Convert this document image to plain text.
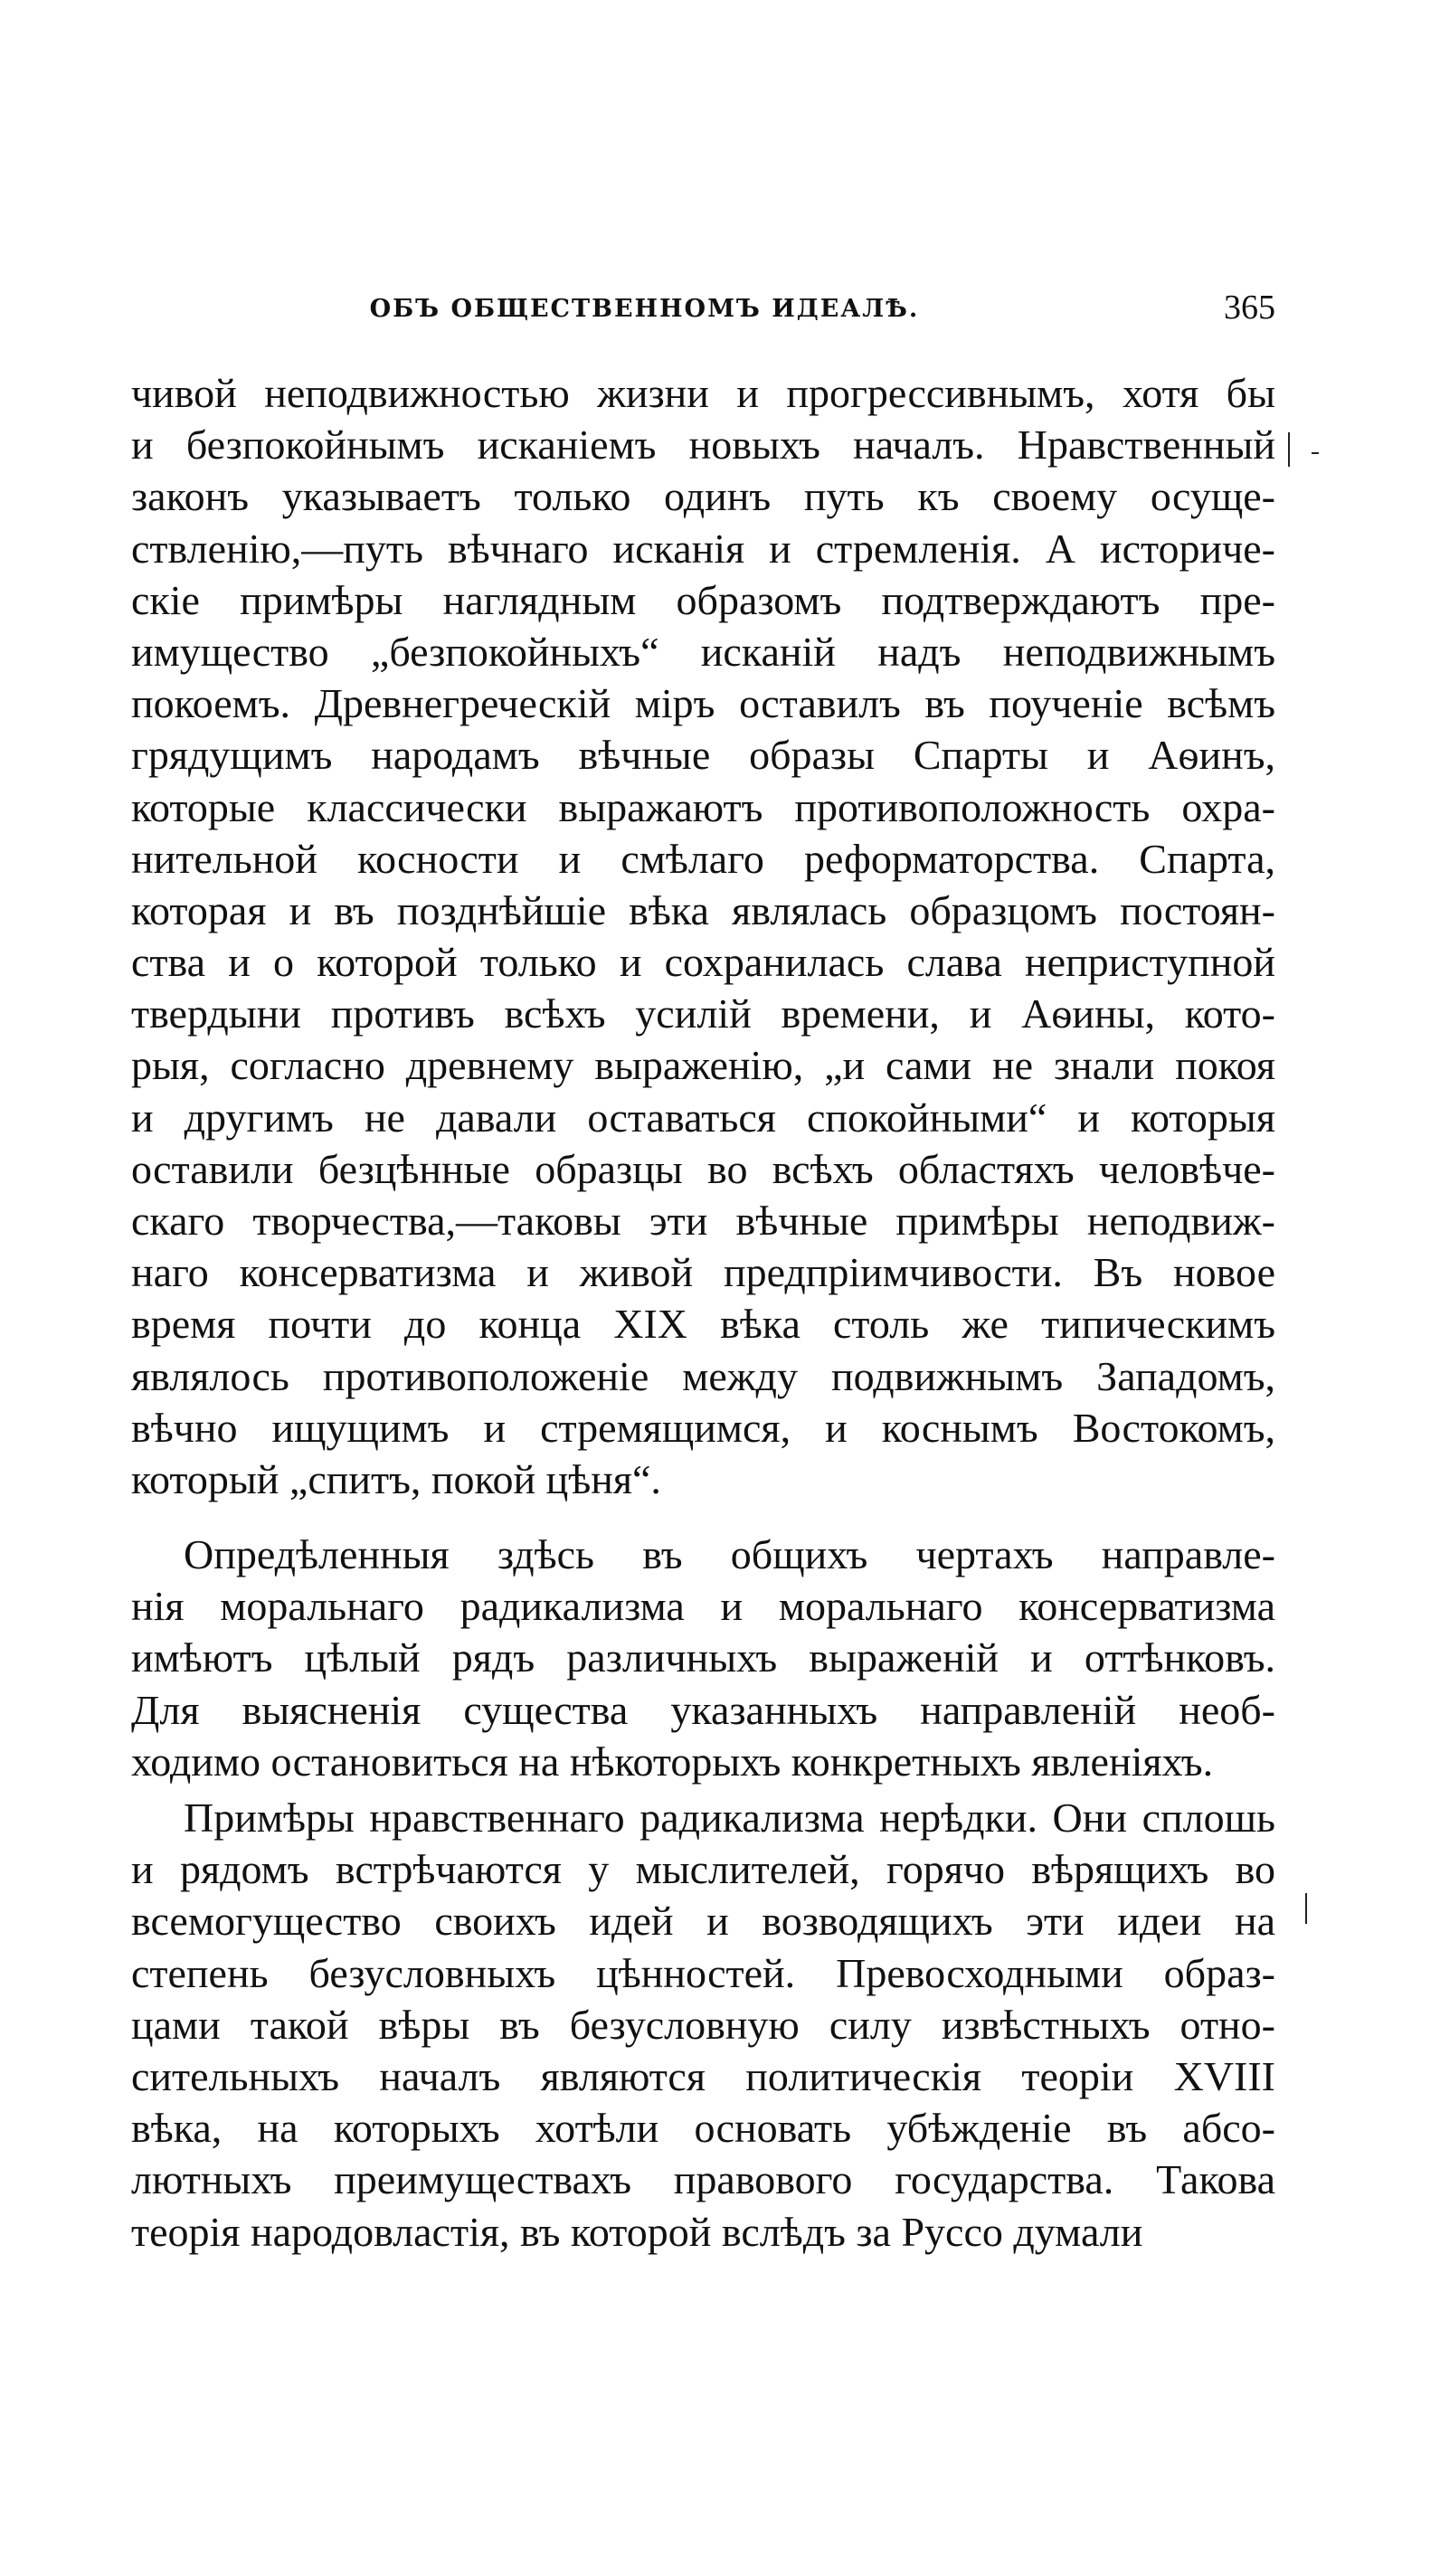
ОБЪ ОБЩЕСТВЕННОМЪ ИДЕАЛѢ.	365
чивой неподвижностью жизни и прогрессивнымъ, хотя бы
и безпокойнымъ исканіемъ новыхъ началъ. Нравственный
законъ указываетъ только одинъ путь къ своему осуще-
ствленію,—путь вѣчнаго исканія и стремленія. А историче-
скіе примѣры наглядным образомъ подтверждаютъ пре-
имущество „безпокойныхъ“ исканій надъ неподвижнымъ
покоемъ. Древнегреческій міръ оставилъ въ поученіе всѣмъ
грядущимъ народамъ вѣчные образы Спарты и Аѳинъ,
которые классически выражаютъ противоположность охра-
нительной косности и смѣлаго реформаторства. Спарта,
которая и въ позднѣйшіе вѣка являлась образцомъ постоян-
ства и о которой только и сохранилась слава неприступной
твердыни противъ всѣхъ усилій времени, и Аѳины, кото-
рыя, согласно древнему выраженію, „и сами не знали покоя
и другимъ не давали оставаться спокойными“ и которыя
оставили безцѣнные образцы во всѣхъ областяхъ человѣче-
скаго творчества,—таковы эти вѣчные примѣры неподвиж-
наго консерватизма и живой предпріимчивости. Въ новое
время почти до конца XIX вѣка столь же типическимъ
являлось противоположеніе между подвижнымъ Западомъ,
вѣчно ищущимъ и стремящимся, и коснымъ Востокомъ,
который „спитъ, покой цѣня“.
Опредѣленныя здѣсь въ общихъ чертахъ направле-
нія моральнаго радикализма и моральнаго консерватизма
имѣютъ цѣлый рядъ различныхъ выраженій и оттѣнковъ.
Для выясненія существа указанныхъ направленій необ-
ходимо остановиться на нѣкоторыхъ конкретныхъ явленіяхъ.
Примѣры нравственнаго радикализма нерѣдки. Они сплошь
и рядомъ встрѣчаются у мыслителей, горячо вѣрящихъ во
всемогущество своихъ идей и возводящихъ эти идеи на
степень безусловныхъ цѣнностей. Превосходными образ-
цами такой вѣры въ безусловную силу извѣстныхъ отно-
сительныхъ началъ являются политическія теоріи XVIII
вѣка, на которыхъ хотѣли основать убѣжденіе въ абсо-
лютныхъ преимуществахъ правового государства. Такова
теорія народовластія, въ которой вслѣдъ за Руссо думали
